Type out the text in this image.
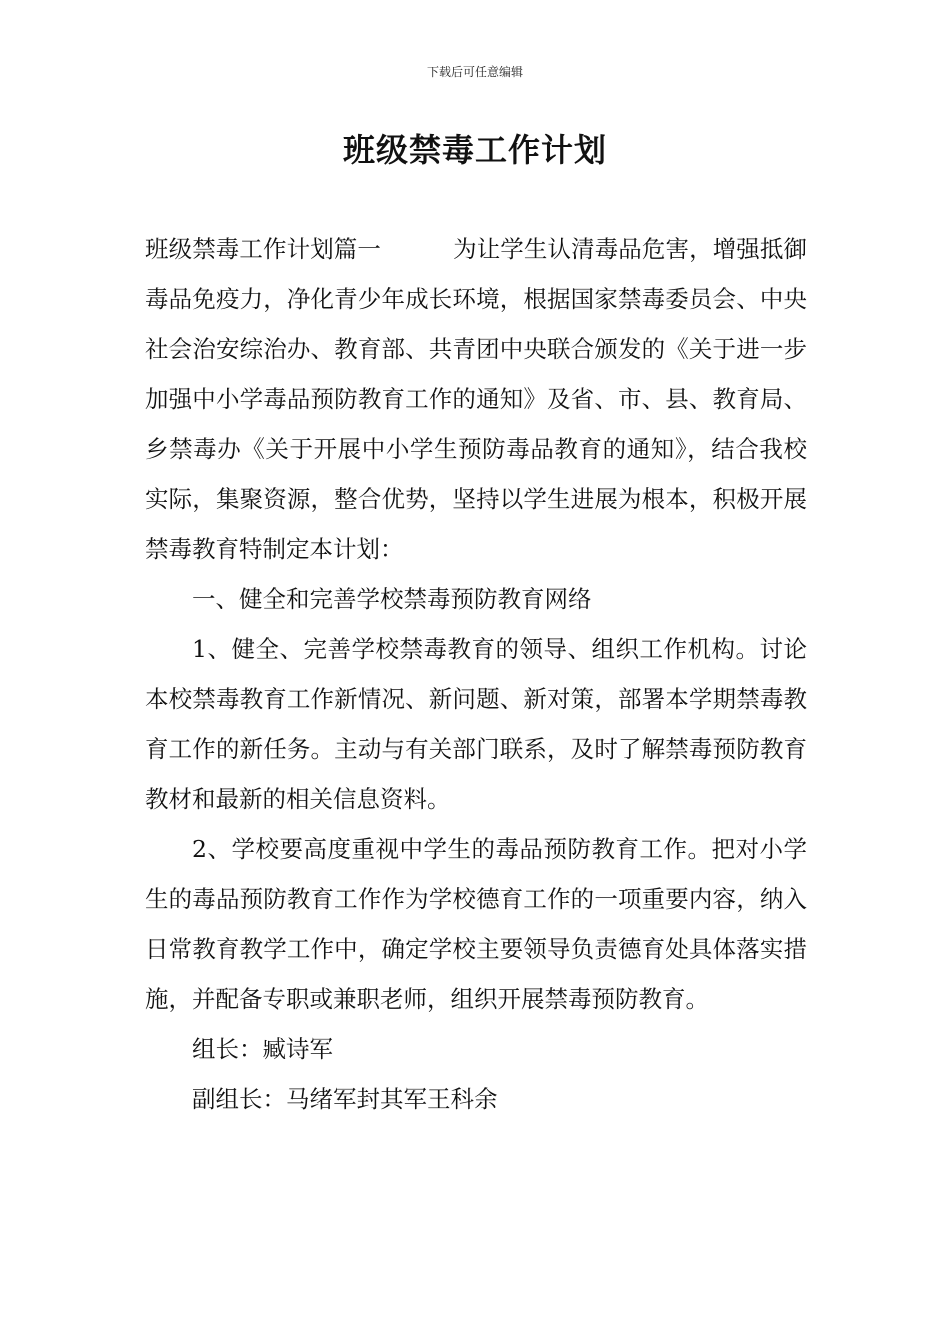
下载后可任意编辑
班级禁毒工作计划

班级禁毒工作计划篇一	为让学生认清毒品危害，增强抵御毒品免疫力，净化青少年成长环境，根据国家禁毒委员会、中央社会治安综治办、教育部、共青团中央联合颁发的《关于进一步加强中小学毒品预防教育工作的通知》及省、市、县、教育局、乡禁毒办《关于开展中小学生预防毒品教育的通知》，结合我校实际，集聚资源，整合优势，坚持以学生进展为根本，积极开展禁毒教育特制定本计划：

一、健全和完善学校禁毒预防教育网络

1、健全、完善学校禁毒教育的领导、组织工作机构。讨论本校禁毒教育工作新情况、新问题、新对策，部署本学期禁毒教育工作的新任务。主动与有关部门联系，及时了解禁毒预防教育教材和最新的相关信息资料。

2、学校要高度重视中学生的毒品预防教育工作。把对小学生的毒品预防教育工作作为学校德育工作的一项重要内容，纳入日常教育教学工作中，确定学校主要领导负责德育处具体落实措施，并配备专职或兼职老师，组织开展禁毒预防教育。

组长：臧诗军

副组长：马绪军封其军王科余
